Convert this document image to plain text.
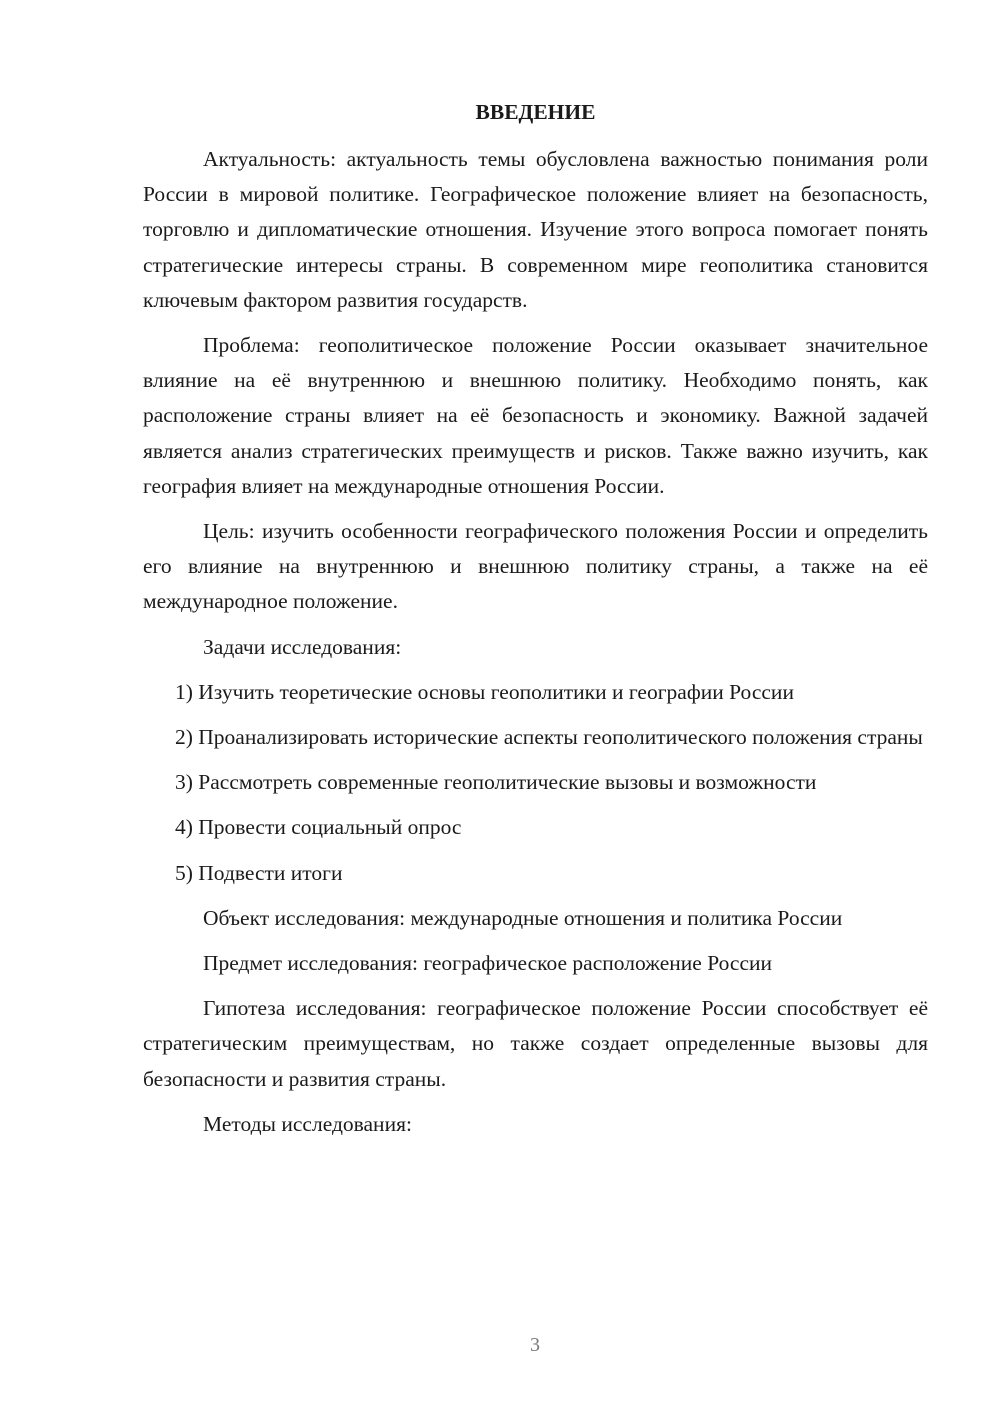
ВВЕДЕНИЕ

Актуальность: актуальность темы обусловлена важностью понимания роли России в мировой политике. Географическое положение влияет на безопасность, торговлю и дипломатические отношения. Изучение этого вопроса помогает понять стратегические интересы страны. В современном мире геополитика становится ключевым фактором развития государств.

Проблема: геополитическое положение России оказывает значительное влияние на её внутреннюю и внешнюю политику. Необходимо понять, как расположение страны влияет на её безопасность и экономику. Важной задачей является анализ стратегических преимуществ и рисков. Также важно изучить, как география влияет на международные отношения России.

Цель: изучить особенности географического положения России и определить его влияние на внутреннюю и внешнюю политику страны, а также на её международное положение.

Задачи исследования:

1) Изучить теоретические основы геополитики и географии России

2) Проанализировать исторические аспекты геополитического положения страны

3) Рассмотреть современные геополитические вызовы и возможности

4) Провести социальный опрос

5) Подвести итоги

Объект исследования: международные отношения и политика России

Предмет исследования: географическое расположение России

Гипотеза исследования: географическое положение России способствует её стратегическим преимуществам, но также создает определенные вызовы для безопасности и развития страны.

Методы исследования:

3
